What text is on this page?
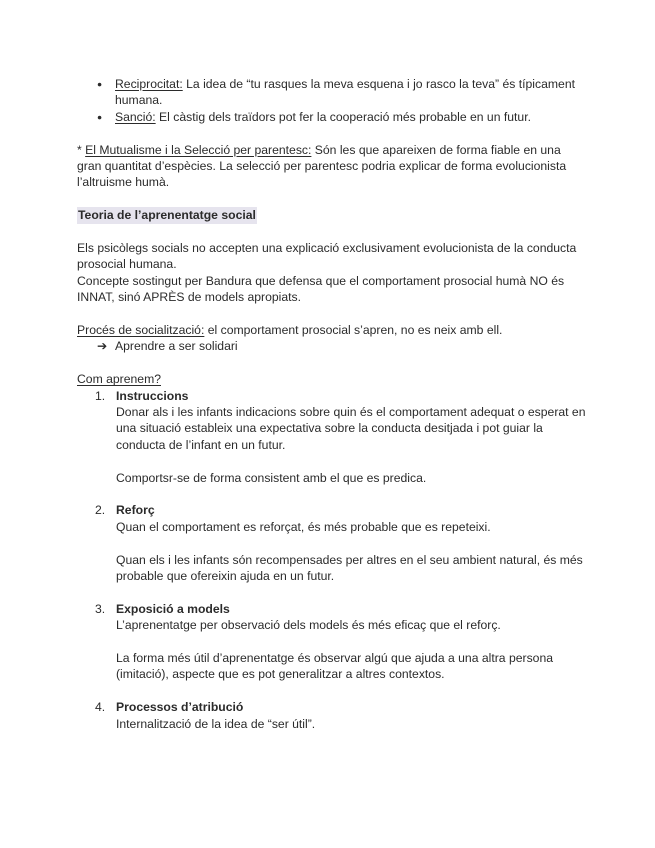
● Reciprocitat: La idea de “tu rasques la meva esquena i jo rasco la teva” és típicament humana.
● Sanció: El càstig dels traïdors pot fer la cooperació més probable en un futur.

* El Mutualisme i la Selecció per parentesc: Són les que apareixen de forma fiable en una gran quantitat d’espècies. La selecció per parentesc podria explicar de forma evolucionista l’altruisme humà.

Teoria de l’aprenentatge social

Els psicòlegs socials no accepten una explicació exclusivament evolucionista de la conducta prosocial humana.

Concepte sostingut per Bandura que defensa que el comportament prosocial humà NO és INNAT, sinó APRÈS de models apropiats.

Procés de socialització: el comportament prosocial s’apren, no es neix amb ell.

➔ Aprendre a ser solidari

Com aprenem?

1. Instruccions

Donar als i les infants indicacions sobre quin és el comportament adequat o esperat en una situació estableix una expectativa sobre la conducta desitjada i pot guiar la conducta de l’infant en un futur.

Comportsr-se de forma consistent amb el que es predica.

2. Reforç

Quan el comportament es reforçat, és més probable que es repeteixi.

Quan els i les infants són recompensades per altres en el seu ambient natural, és més probable que ofereixin ajuda en un futur.

3. Exposició a models

L’aprenentatge per observació dels models és més eficaç que el reforç.

La forma més útil d’aprenentatge és observar algú que ajuda a una altra persona (imitació), aspecte que es pot generalitzar a altres contextos.

4. Processos d’atribució

Internalització de la idea de “ser útil”.
